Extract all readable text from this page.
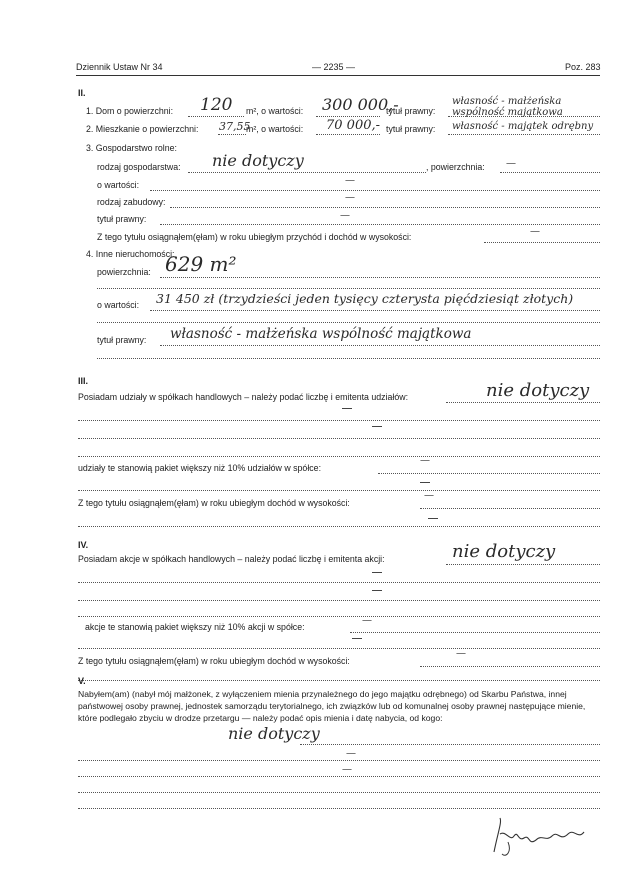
Dziennik Ustaw Nr 34	— 2235 —	Poz. 283
II.
1. Dom o powierzchni: 120 m², o wartości: 300 000,-
tytuł prawny:
własność - małżeńska wspólność majątkowa
2. Mieszkanie o powierzchni: 37,55
m², o wartości: 70 000,- tytuł prawny: własność - majątek odrębny
3. Gospodarstwo rolne:
rodzaj gospodarstwa: nie dotyczy	, powierzchnia: —
o wartości:	—
rodzaj zabudowy:	—
tytuł prawny:	—
Z tego tytułu osiągnąłem(ęłam) w roku ubiegłym przychód i dochód w wysokości:	—
4. Inne nieruchomości:
powierzchnia: 629 m²
o wartości: 31 450 zł (trzydzieści jeden tysięcy czterysta pięćdziesiąt złotych)
tytuł prawny: własność - małżeńska wspólność majątkowa
III.
Posiadam udziały w spółkach handlowych – należy podać liczbę i emitenta udziałów:	nie dotyczy
udziały te stanowią pakiet większy niż 10% udziałów w spółce:
—
Z tego tytułu osiągnąłem(ęłam) w roku ubiegłym dochód w wysokości:
—
IV.
Posiadam akcje w spółkach handlowych – należy podać liczbę i emitenta akcji:	nie dotyczy
akcje te stanowią pakiet większy niż 10% akcji w spółce:
—
Z tego tytułu osiągnąłem(ęłam) w roku ubiegłym dochód w wysokości:
—
V.
Nabyłem(am) (nabył mój małżonek, z wyłączeniem mienia przynależnego do jego majątku odrębnego) od Skarbu Państwa, innej państwowej osoby prawnej, jednostek samorządu terytorialnego, ich związków lub od komunalnej osoby prawnej następujące mienie, które podlegało zbyciu w drodze przetargu — należy podać opis mienia i datę nabycia, od kogo:
nie dotyczy
—
—
